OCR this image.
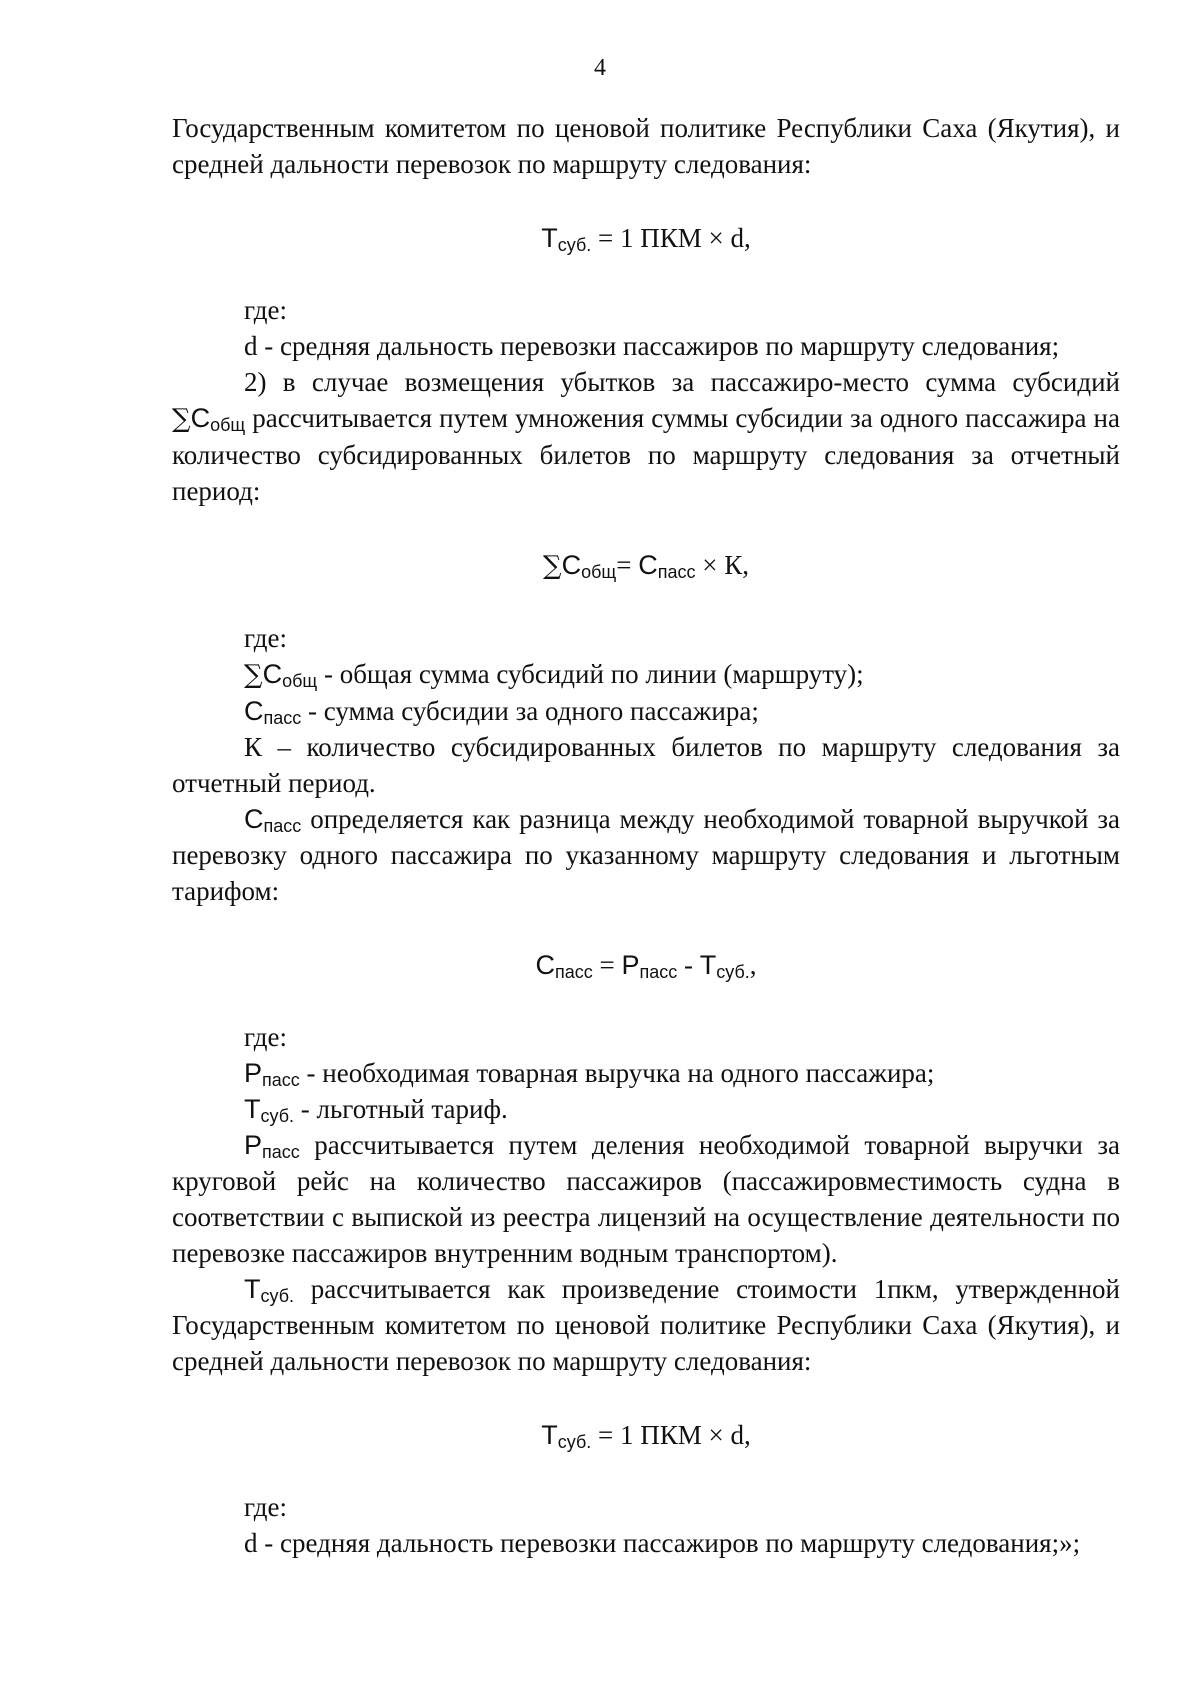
4
Государственным комитетом по ценовой политике Республики Саха (Якутия), и средней дальности перевозок по маршруту следования:
$Т_{суб.} = 1$ ПКМ × d,
где:
d - средняя дальность перевозки пассажиров по маршруту следования;
2) в случае возмещения убытков за пассажиро-место сумма субсидий $\sum С_{общ}$ рассчитывается путем умножения суммы субсидии за одного пассажира на количество субсидированных билетов по маршруту следования за отчетный период:
$\sum С_{общ}= С_{пасс} \times К$,
где:
$\sum С_{общ}$ - общая сумма субсидий по линии (маршруту);
$С_{пасс}$ - сумма субсидии за одного пассажира;
К – количество субсидированных билетов по маршруту следования за отчетный период.
$С_{пасс}$ определяется как разница между необходимой товарной выручкой за перевозку одного пассажира по указанному маршруту следования и льготным тарифом:
$С_{пасс} = Р_{пасс} - Т_{суб.}$,
где:
$Р_{пасс}$ - необходимая товарная выручка на одного пассажира;
$Т_{суб.}$ - льготный тариф.
$Р_{пасс}$ рассчитывается путем деления необходимой товарной выручки за круговой рейс на количество пассажиров (пассажировместимость судна в соответствии с выпиской из реестра лицензий на осуществление деятельности по перевозке пассажиров внутренним водным транспортом).
$Т_{суб.}$ рассчитывается как произведение стоимости 1пкм, утвержденной Государственным комитетом по ценовой политике Республики Саха (Якутия), и средней дальности перевозок по маршруту следования:
$Т_{суб.} = 1$ ПКМ × d,
где:
d - средняя дальность перевозки пассажиров по маршруту следования;»;
